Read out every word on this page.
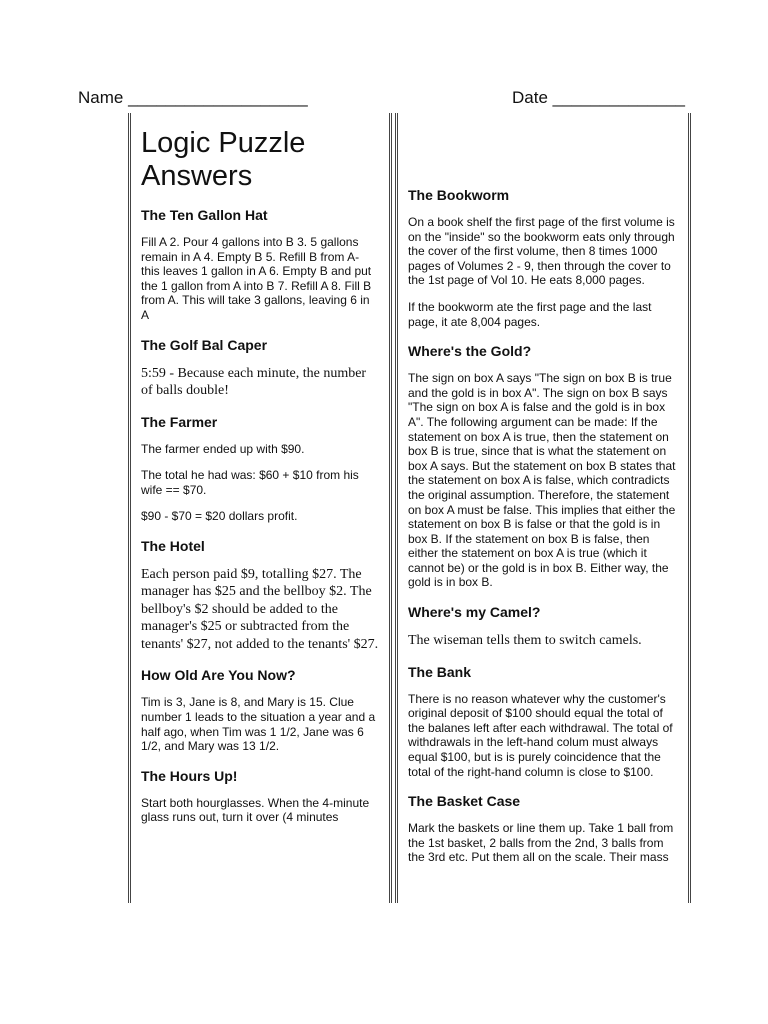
Name ___________________	Date ______________
Logic Puzzle
Answers
The Ten Gallon Hat

Fill A 2. Pour 4 gallons into B 3. 5 gallons remain in A 4. Empty B 5. Refill B from A- this leaves 1 gallon in A 6. Empty B and put the 1 gallon from A into B 7. Refill A 8. Fill B from A. This will take 3 gallons, leaving 6 in A

The Golf Bal Caper

5:59 - Because each minute, the number of balls double!

The Farmer

The farmer ended up with $90.

The total he had was: $60 + $10 from his wife == $70.

$90 - $70 = $20 dollars profit.

The Hotel

Each person paid $9, totalling $27. The manager has $25 and the bellboy $2. The bellboy's $2 should be added to the manager's $25 or subtracted from the tenants' $27, not added to the tenants' $27.

How Old Are You Now?

Tim is 3, Jane is 8, and Mary is 15. Clue number 1 leads to the situation a year and a half ago, when Tim was 1 1/2, Jane was 6 1/2, and Mary was 13 1/2.

The Hours Up!

Start both hourglasses. When the 4-minute glass runs out, turn it over (4 minutes

The Bookworm

On a book shelf the first page of the first volume is on the "inside" so the bookworm eats only through the cover of the first volume, then 8 times 1000 pages of Volumes 2 - 9, then through the cover to the 1st page of Vol 10. He eats 8,000 pages.

If the bookworm ate the first page and the last page, it ate 8,004 pages.

Where's the Gold?

The sign on box A says "The sign on box B is true and the gold is in box A". The sign on box B says "The sign on box A is false and the gold is in box A". The following argument can be made: If the statement on box A is true, then the statement on box B is true, since that is what the statement on box A says. But the statement on box B states that the statement on box A is false, which contradicts the original assumption. Therefore, the statement on box A must be false. This implies that either the statement on box B is false or that the gold is in box B. If the statement on box B is false, then either the statement on box A is true (which it cannot be) or the gold is in box B. Either way, the gold is in box B.

Where's my Camel?

The wiseman tells them to switch camels.

The Bank

There is no reason whatever why the customer's original deposit of $100 should equal the total of the balanes left after each withdrawal. The total of withdrawals in the left-hand colum must always equal $100, but is is purely coincidence that the total of the right-hand column is close to $100.

The Basket Case

Mark the baskets or line them up. Take 1 ball from the 1st basket, 2 balls from the 2nd, 3 balls from the 3rd etc. Put them all on the scale. Their mass
